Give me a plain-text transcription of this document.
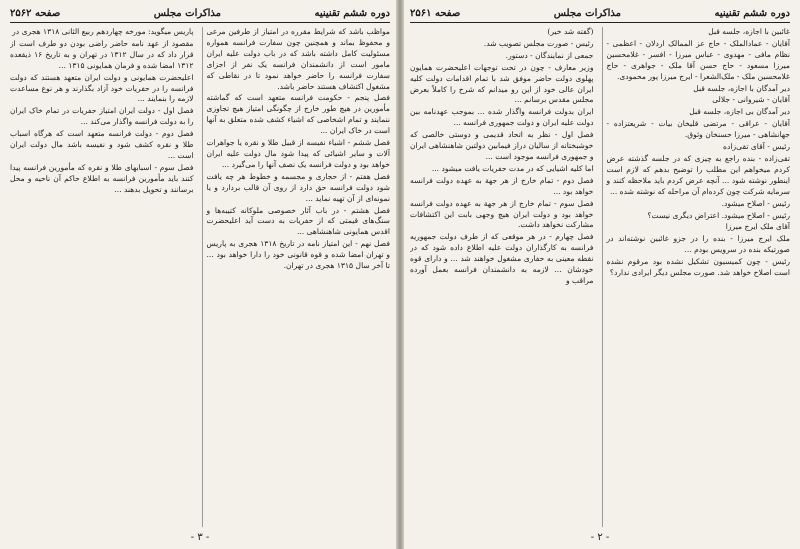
دوره ششم تقنینیه
مذاکرات مجلس
صفحه ۲۵۶۲

مواظب باشد که شرایط مقرره در امتیاز از طرفین مرعی و محفوظ بماند و همچنین چون سفارت فرانسه همواره مسئولیت کامل داشته باشد که در باب دولت علیه ایران مامور است از دانشمندان فرانسه یک نفر از اجزای سفارت فرانسه را حاضر خواهد نمود تا در نقاطی که مشغول اکتشاف هستند حاضر باشد.

فصل پنجم - حکومت فرانسه متعهد است که گماشته مأمورین در هیچ طور خارج از چگونگی امتیاز هیچ تجاوزی ننمایند و تمام اشخاصی که اشیاء کشف شده متعلق به آنها است در خاک ایران ...

فصل ششم - اشیاء نفیسه از قبیل طلا و نقره یا جواهرات آلات و سایر اشیائی که پیدا شود مال دولت علیه ایران خواهد بود و دولت فرانسه یک نصف آنها را می‌گیرد ...

فصل هفتم - از حجاری و مجسمه و خطوط هر چه یافت شود دولت فرانسه حق دارد از روی آن قالب بردارد و یا نمونه‌ای از آن تهیه نماید ...

فصل هشتم - در باب آثار خصوصی ملوکانه کتیبه‌ها و سنگ‌های قیمتی که از حفریات به دست آید اعلیحضرت اقدس همایونی شاهنشاهی ...

فصل نهم - این امتیاز نامه در تاریخ ۱۳۱۸ هجری به پاریس و تهران امضا شده و قوه قانونی خود را دارا خواهد بود ... تا آخر سال ۱۳۱۵ هجری در تهران.

پاریس میگوید: مورخه چهاردهم ربیع الثانی ۱۳۱۸ هجری در

مقصود از عهد نامه حاضر راضی بودن دو طرف است از قرار داد که در سال ۱۳۱۲ در تهران و به تاریخ ۱۶ ذیقعده ۱۳۱۲ امضا شده و فرمان همایونی ۱۳۱۵ ...

اعلیحضرت همایونی و دولت ایران متعهد هستند که دولت فرانسه را در حفریات خود آزاد بگذارند و هر نوع مساعدت لازمه را بنمایند ...

فصل اول - دولت ایران امتیاز حفریات در تمام خاک ایران را به دولت فرانسه واگذار می‌کند ...

فصل دوم - دولت فرانسه متعهد است که هرگاه اسباب طلا و نقره کشف شود و نفیسه باشد مال دولت ایران است ...

فصل سوم - اسبابهای طلا و نقره که مأمورین فرانسه پیدا کنند باید مأمورین فرانسه به اطلاع حاکم آن ناحیه و محل برسانند و تحویل بدهند ...

- ۳ -
دوره ششم تقنینیه
مذاکرات مجلس
صفحه ۲۵۶۱

غائبین با اجازه، جلسه قبل

آقایان - عمادالملک - حاج عز الممالک اردلان - اعظمی - نظام مافی - مهدوی - عباس میرزا - افسر - غلامحسین میرزا مسعود - حاج حسن آقا ملک - جواهری - حاج غلامحسین ملک - ملک‌الشعرا - ایرج میرزا پور محمودی.

دیر آمدگان با اجازه، جلسه قبل

آقایان - شیروانی - جلالی

دیر آمدگان بی اجازه، جلسه قبل

آقایان - عراقی - مرتضی قلیخان بیات - شریعتزاده - جهانشاهی - میرزا حسنخان وثوق.

رئیس - آقای تقی‌زاده

تقی‌زاده - بنده راجع به چیزی که در جلسه گذشته عرض کردم میخواهم این مطلب را توضیح بدهم که لازم است اینطور نوشته شود ... آنچه عرض کردم باید ملاحظه کنند و سرمایه شرکت چون کرده‌ام آن مراحله که نوشته شده ...

رئیس - اصلاح میشود.

رئیس - اصلاح میشود. اعتراض دیگری نیست؟

آقای ملک ایرج میرزا

ملک ایرج میرزا - بنده را در جزو غائبین نوشته‌اند در صورتیکه بنده در سرویس بودم ...

رئیس - چون کمیسیون تشکیل نشده بود مرقوم نشده است اصلاح خواهد شد. صورت مجلس دیگر ایرادی ندارد؟

(گفته شد خیر)

رئیس - صورت مجلس تصویب شد.

جمعی از نمایندگان - دستور.

وزیر معارف - چون در تحت توجهات اعلیحضرت همایون پهلوی دولت حاضر موفق شد با تمام اقدامات دولت کلیه ایران عالی خود از این رو میدانم که شرح را کاملاً بعرض مجلس مقدس برسانم ...

ایران بدولت فرانسه واگذار شده ... بموجب عهدنامه بین دولت علیه ایران و دولت جمهوری فرانسه ...

فصل اول - نظر به اتحاد قدیمی و دوستی خالصی که خوشبختانه از سالیان دراز فیمابین دولتین شاهنشاهی ایران و جمهوری فرانسه موجود است ...

اما کلیه اشیایی که در مدت حفریات یافت میشود ...

فصل دوم - تمام خارج از هر جهة به عهده دولت فرانسه خواهد بود ...

فصل سوم - تمام خارج از هر جهة به عهده دولت فرانسه خواهد بود و دولت ایران هیچ وجهی بابت این اکتشافات مشارکت نخواهد داشت.

فصل چهارم - در هر موقعی که از طرف دولت جمهوریه فرانسه به کارگذاران دولت علیه اطلاع داده شود که در نقطه معینی به حفاری مشغول خواهند شد ... و دارای قوه خودشان ... لازمه به دانشمندان فرانسه بعمل آورده مراقب و

- ۲ -
